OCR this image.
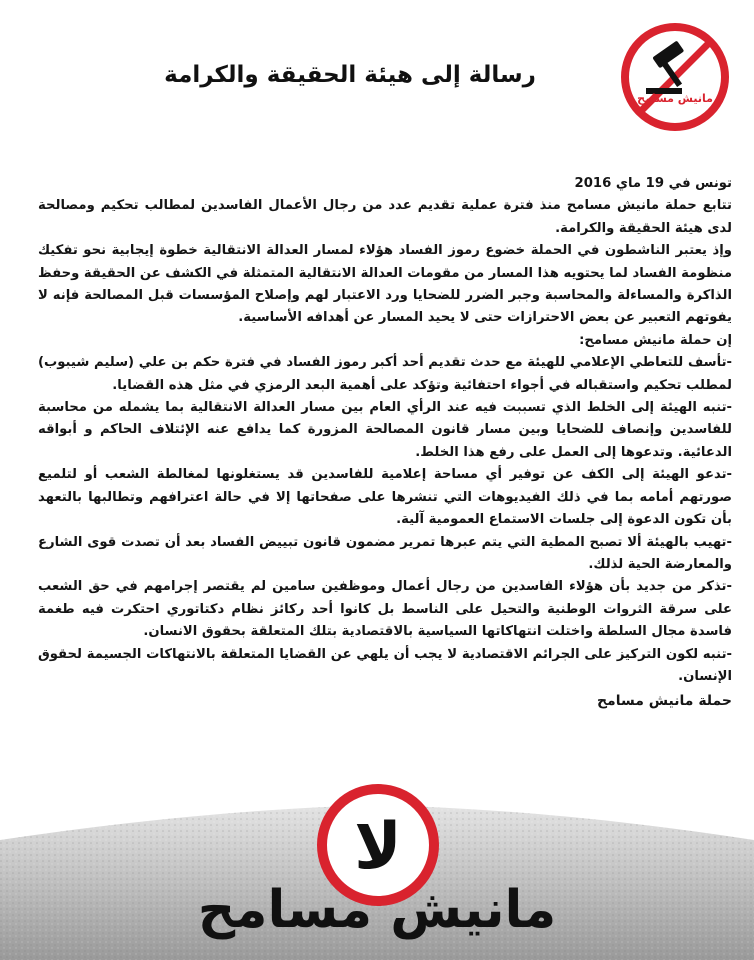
مانيش مسامح
رسالة إلى هيئة الحقيقة والكرامة

تونس في 19 ماي 2016

تتابع حملة مانيش مسامح منذ فترة عملية تقديم عدد من رجال الأعمال الفاسدين لمطالب تحكيم ومصالحة لدى هيئة الحقيقة والكرامة.

وإذ يعتبر الناشطون في الحملة خضوع رموز الفساد هؤلاء لمسار العدالة الانتقالية خطوة إيجابية نحو تفكيك منظومة الفساد لما يحتويه هذا المسار من مقومات العدالة الانتقالية المتمثلة في الكشف عن الحقيقة وحفظ الذاكرة والمساءلة والمحاسبة وجبر الضرر للضحايا ورد الاعتبار لهم وإصلاح المؤسسات قبل المصالحة فإنه لا يفوتهم التعبير عن بعض الاحترازات حتى لا يحيد المسار عن أهدافه الأساسية.

إن حملة مانيش مسامح:

-تأسف للتعاطي الإعلامي للهيئة مع حدث تقديم أحد أكبر رموز الفساد في فترة حكم بن علي (سليم شيبوب) لمطلب تحكيم واستقباله في أجواء احتفائية وتؤكد على أهمية البعد الرمزي في مثل هذه القضايا.

-تنبه الهيئة إلى الخلط الذي تسببت فيه عند الرأي العام بين مسار العدالة الانتقالية بما يشمله من محاسبة للفاسدين وإنصاف للضحايا وبين مسار قانون المصالحة المزورة كما يدافع عنه الإئتلاف الحاكم و أبواقه الدعائية. وتدعوها إلى العمل على رفع هذا الخلط.

-تدعو الهيئة إلى الكف عن توفير أي مساحة إعلامية للفاسدين قد يستغلونها لمغالطة الشعب أو لتلميع صورتهم أمامه بما في ذلك الفيديوهات التي تنشرها على صفحاتها إلا في حالة اعترافهم وتطالبها بالتعهد بأن تكون الدعوة إلى جلسات الاستماع العمومية آلية.

-تهيب بالهيئة ألا تصبح المطية التي يتم عبرها تمرير مضمون قانون تبييض الفساد بعد أن تصدت قوى الشارع والمعارضة الحية لذلك.

-تذكر من جديد بأن هؤلاء الفاسدين من رجال أعمال وموظفين سامين لم يقتصر إجرامهم في حق الشعب على سرقة الثروات الوطنية والتحيل على الناسط بل كانوا أحد ركائز نظام دكتاتوري احتكرت فيه طغمة فاسدة مجال السلطة واختلت انتهاكاتها السياسية بالاقتصادية بتلك المتعلقة بحقوق الانسان.

-تنبه لكون التركيز على الجرائم الاقتصادية لا يجب أن يلهي عن القضايا المتعلقة بالانتهاكات الجسيمة لحقوق الإنسان.

حملة مانيش مسامح

لا
مانيش مسامح
